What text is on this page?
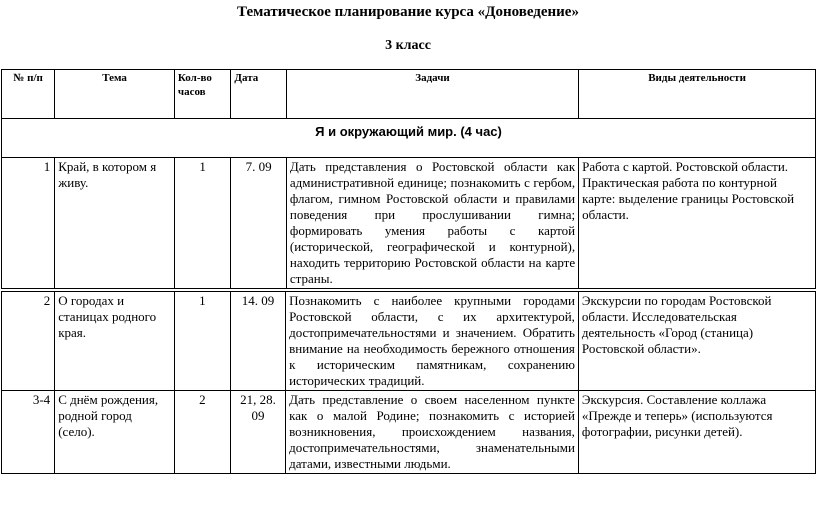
Тематическое планирование курса «Доноведение»
3 класс
№ п/п	Тема	Кол-во часов	Дата	Задачи	Виды деятельности
Я и окружающий мир. (4 час)					
1	Край, в котором я живу.	1	7. 09	Дать представления о Ростовской области как административной единице; познакомить с гербом, флагом, гимном Ростовской области и правилами поведения при прослушивании гимна; формировать умения работы с картой (исторической, географической и контурной), находить территорию Ростовской области на карте страны.	Работа с картой. Ростовской области. Практическая работа по контурной карте: выделение границы Ростовской области.
2	О городах и станицах родного края.	1	14. 09	Познакомить с наиболее крупными городами Ростовской области, с их архитектурой, достопримечательностями и значением. Обратить внимание на необходимость бережного отношения к историческим памятникам, сохранению исторических традиций.	Экскурсии по городам Ростовской области. Исследовательская деятельность «Город (станица) Ростовской области».
3-4	С днём рождения, родной город (село).	2	21, 28. 09	Дать представление о своем населенном пункте как о малой Родине; познакомить с историей возникновения, происхождением названия, достопримечательностями, знаменательными датами, известными людьми.	Экскурсия. Составление коллажа «Прежде и теперь» (используются фотографии, рисунки детей).
